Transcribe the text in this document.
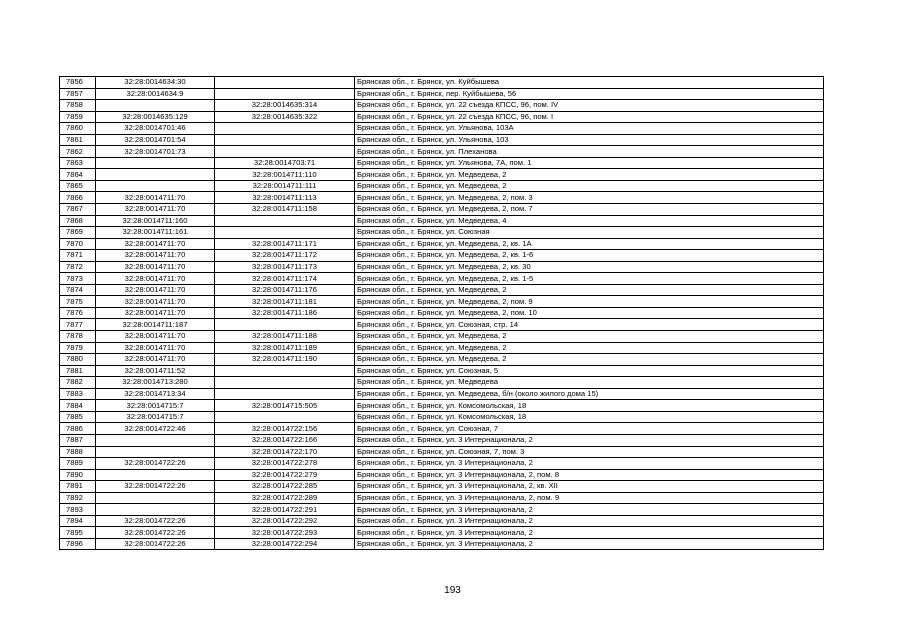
7856	32:28:0014634:30		Брянская обл., г. Брянск, ул. Куйбышева
7857	32:28:0014634:9		Брянская обл., г. Брянск, пер. Куйбышева, 56
7858		32:28:0014635:314	Брянская обл., г. Брянск, ул. 22 съезда КПСС, 96, пом. IV
7859	32:28:0014635:129	32:28:0014635:322	Брянская обл., г. Брянск, ул. 22 съезда КПСС, 96, пом. I
7860	32:28:0014701:46		Брянская обл., г. Брянск, ул. Ульянова, 103А
7861	32:28:0014701:54		Брянская обл., г. Брянск, ул. Ульянова, 103
7862	32:28:0014701:73		Брянская обл., г. Брянск, ул. Плеханова
7863		32:28:0014703:71	Брянская обл., г. Брянск, ул. Ульянова, 7А, пом. 1
7864		32:28:0014711:110	Брянская обл., г. Брянск, ул. Медведева, 2
7865		32:28:0014711:111	Брянская обл., г. Брянск, ул. Медведева, 2
7866	32:28:0014711:70	32:28:0014711:113	Брянская обл., г. Брянск, ул. Медведева, 2, пом. 3
7867	32:28:0014711:70	32:28:0014711:158	Брянская обл., г. Брянск, ул. Медведева, 2, пом. 7
7868	32:28:0014711:160		Брянская обл., г. Брянск, ул. Медведева, 4
7869	32:28:0014711:161		Брянская обл., г. Брянск, ул. Союзная
7870	32:28:0014711:70	32:28:0014711:171	Брянская обл., г. Брянск, ул. Медведева, 2, кв. 1А
7871	32:28:0014711:70	32:28:0014711:172	Брянская обл., г. Брянск, ул. Медведева, 2, кв. 1-6
7872	32:28:0014711:70	32:28:0014711:173	Брянская обл., г. Брянск, ул. Медведева, 2, кв. 30
7873	32:28:0014711:70	32:28:0014711:174	Брянская обл., г. Брянск, ул. Медведева, 2, кв. 1-5
7874	32:28:0014711:70	32:28:0014711:176	Брянская обл., г. Брянск, ул. Медведева, 2
7875	32:28:0014711:70	32:28:0014711:181	Брянская обл., г. Брянск, ул. Медведева, 2, пом. 9
7876	32:28:0014711:70	32:28:0014711:186	Брянская обл., г. Брянск, ул. Медведева, 2, пом. 10
7877	32:28:0014711:187		Брянская обл., г. Брянск, ул. Союзная, стр. 14
7878	32:28:0014711:70	32:28:0014711:188	Брянская обл., г. Брянск, ул. Медведева, 2
7879	32:28:0014711:70	32:28:0014711:189	Брянская обл., г. Брянск, ул. Медведева, 2
7880	32:28:0014711:70	32:28:0014711:190	Брянская обл., г. Брянск, ул. Медведева, 2
7881	32:28:0014711:52		Брянская обл., г. Брянск, ул. Союзная, 5
7882	32:28:0014713:280		Брянская обл., г. Брянск, ул. Медведева
7883	32:28:0014713:34		Брянская обл., г. Брянск, ул. Медведева, б/н (около жилого дома 15)
7884	32:28:0014715:7	32:28:0014715:505	Брянская обл., г. Брянск, ул. Комсомольская, 18
7885	32:28:0014715:7		Брянская обл., г. Брянск, ул. Комсомольская, 18
7886	32:28:0014722:46	32:28:0014722:156	Брянская обл., г. Брянск, ул. Союзная, 7
7887		32:28:0014722:166	Брянская обл., г. Брянск, ул. 3 Интернационала, 2
7888		32:28:0014722:170	Брянская обл., г. Брянск, ул. Союзная, 7, пом. 3
7889	32:28:0014722:26	32:28:0014722:278	Брянская обл., г. Брянск, ул. 3 Интернационала, 2
7890		32:28:0014722:279	Брянская обл., г. Брянск, ул. 3 Интернационала, 2, пом. 8
7891	32:28:0014722:26	32:28:0014722:285	Брянская обл., г. Брянск, ул. 3 Интернационала, 2, кв. XII
7892		32:28:0014722:289	Брянская обл., г. Брянск, ул. 3 Интернационала, 2, пом. 9
7893		32:28:0014722:291	Брянская обл., г. Брянск, ул. 3 Интернационала, 2
7894	32:28:0014722:26	32:28:0014722:292	Брянская обл., г. Брянск, ул. 3 Интернационала, 2
7895	32:28:0014722:26	32:28:0014722:293	Брянская обл., г. Брянск, ул. 3 Интернационала, 2
7896	32:28:0014722:26	32:28:0014722:294	Брянская обл., г. Брянск, ул. 3 Интернационала, 2
193
